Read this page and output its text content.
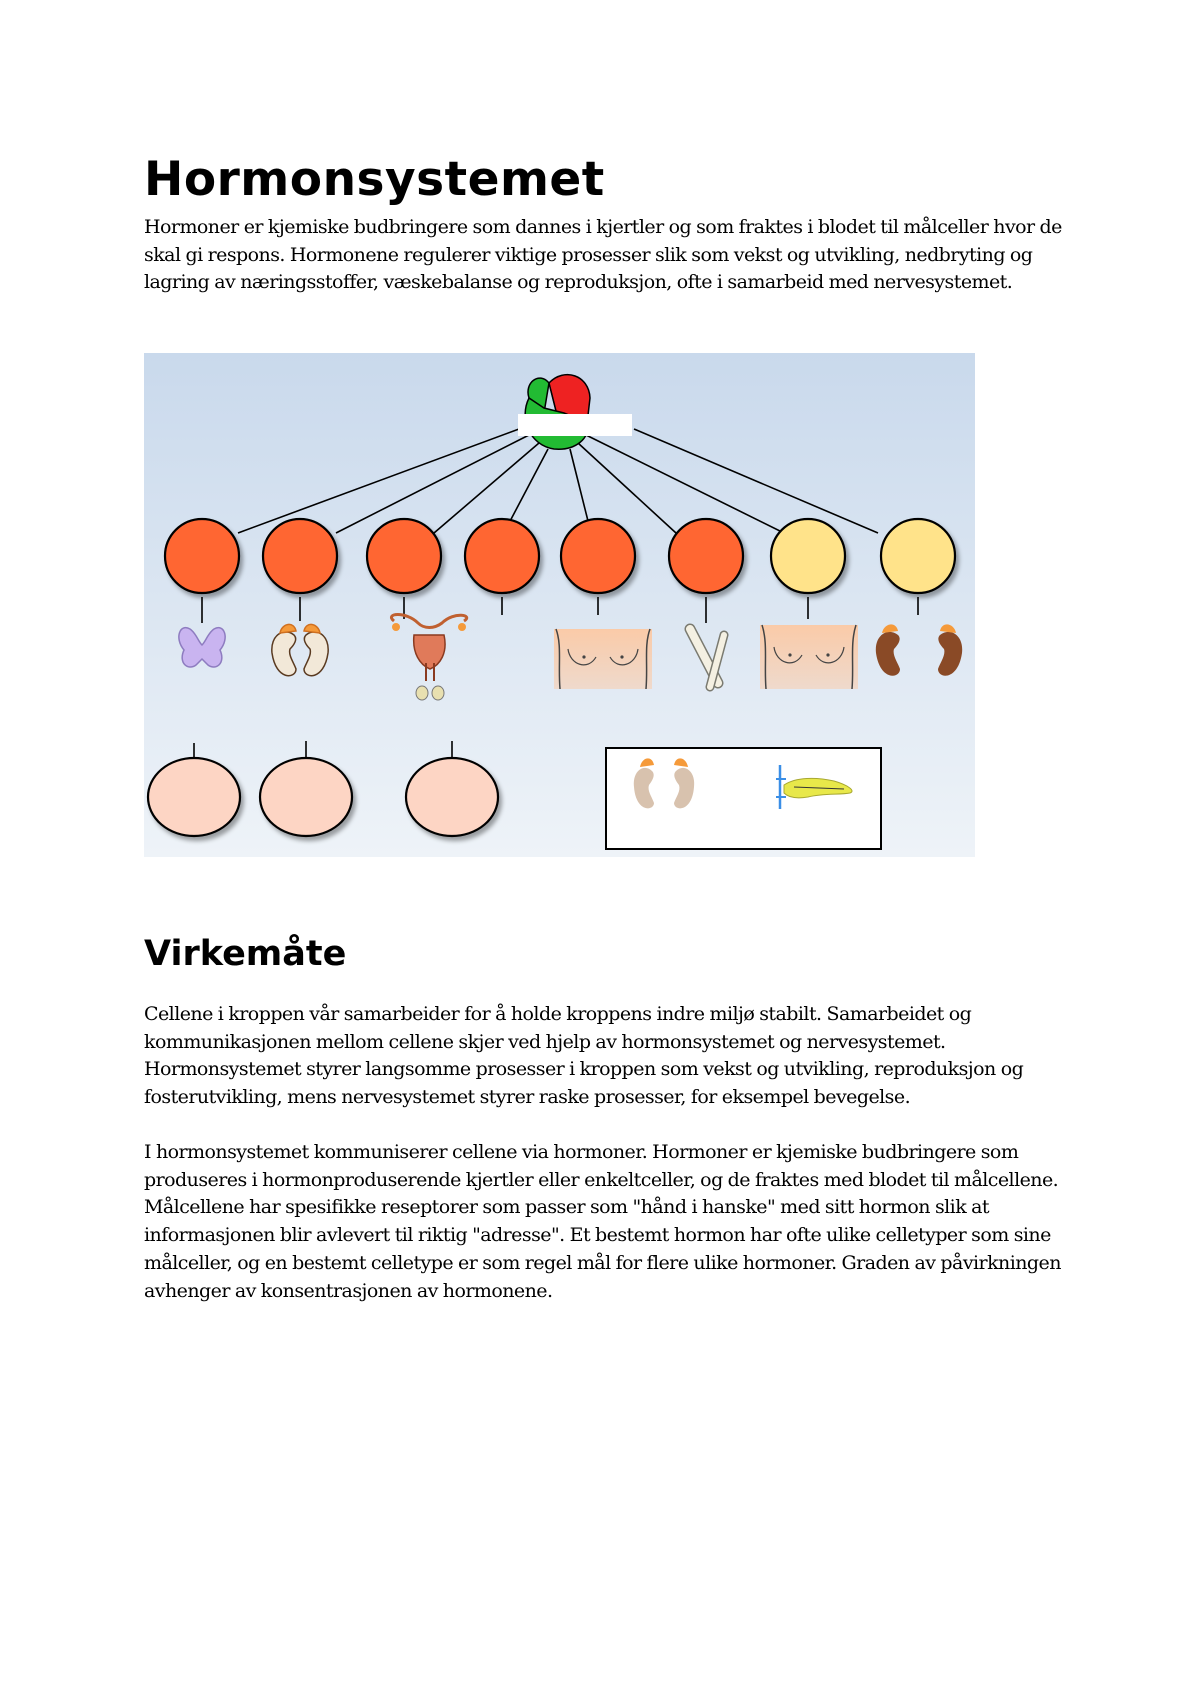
Hormonsystemet

Hormoner er kjemiske budbringere som dannes i kjertler og som fraktes i blodet til målceller hvor de skal gi respons. Hormonene regulerer viktige prosesser slik som vekst og utvikling, nedbryting og lagring av næringsstoffer, væskebalanse og reproduksjon, ofte i samarbeid med nervesystemet.

Virkemåte

Cellene i kroppen vår samarbeider for å holde kroppens indre miljø stabilt. Samarbeidet og kommunikasjonen mellom cellene skjer ved hjelp av hormonsystemet og nervesystemet. Hormonsystemet styrer langsomme prosesser i kroppen som vekst og utvikling, reproduksjon og fosterutvikling, mens nervesystemet styrer raske prosesser, for eksempel bevegelse.

I hormonsystemet kommuniserer cellene via hormoner. Hormoner er kjemiske budbringere som produseres i hormonproduserende kjertler eller enkeltceller, og de fraktes med blodet til målcellene. Målcellene har spesifikke reseptorer som passer som "hånd i hanske" med sitt hormon slik at informasjonen blir avlevert til riktig "adresse". Et bestemt hormon har ofte ulike celletyper som sine målceller, og en bestemt celletype er som regel mål for flere ulike hormoner. Graden av påvirkningen avhenger av konsentrasjonen av hormonene.
